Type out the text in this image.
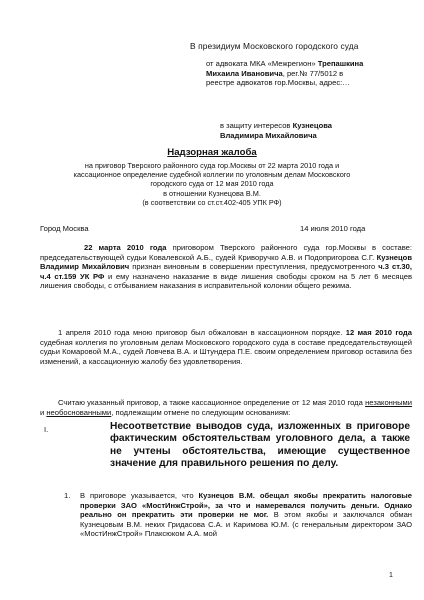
В президиум Московского городского суда
от адвоката МКА «Межрегион» Трепашкина
Михаила Ивановича, рег.№ 77/5012 в
реестре адвокатов гор.Москвы, адрес:…
в защиту интересов Кузнецова
Владимира Михайловича
Надзорная жалоба
на приговор Тверского районного суда гор.Москвы от 22 марта 2010 года и
кассационное определение судебной коллегии по уголовным делам Московского
городского суда от 12 мая 2010 года
в отношении Кузнецова В.М.
(в соответствии со ст.ст.402-405 УПК РФ)
Город Москва	14 июля 2010 года
22 марта 2010 года приговором Тверского районного суда гор.Москвы в составе: председательствующей судьи Ковалевской А.Б., судей Криворучко А.В. и Подопригорова С.Г. Кузнецов Владимир Михайлович признан виновным в совершении преступления, предусмотренного ч.3 ст.30, ч.4 ст.159 УК РФ и ему назначено наказание в виде лишения свободы сроком на 5 лет 6 месяцев лишения свободы, с отбыванием наказания в исправительной колонии общего режима.
1 апреля 2010 года мною приговор был обжалован в кассационном порядке. 12 мая 2010 года судебная коллегия по уголовным делам Московского городского суда в составе председательствующей судьи Комаровой М.А., судей Ловчева В.А. и Штундера П.Е. своим определением приговор оставила без изменений, а кассационную жалобу без удовлетворения.
Считаю указанный приговор, а также кассационное определение от 12 мая 2010 года незаконными и необоснованными, подлежащим отмене по следующим основаниям:
I.	Несоответствие выводов суда, изложенных в приговоре фактическим обстоятельствам уголовного дела, а также не учтены обстоятельства, имеющие существенное значение для правильного решения по делу.
1. В приговоре указывается, что Кузнецов В.М. обещал якобы прекратить налоговые проверки ЗАО «МостИнжСтрой», за что и намеревался получить деньги. Однако реально он прекратить эти проверки не мог. В этом якобы и заключался обман Кузнецовым В.М. неких Гридасова С.А. и Каримова Ю.М. (с генеральным директором ЗАО «МостИнжСтрой» Плаксюком А.А. мой
1
